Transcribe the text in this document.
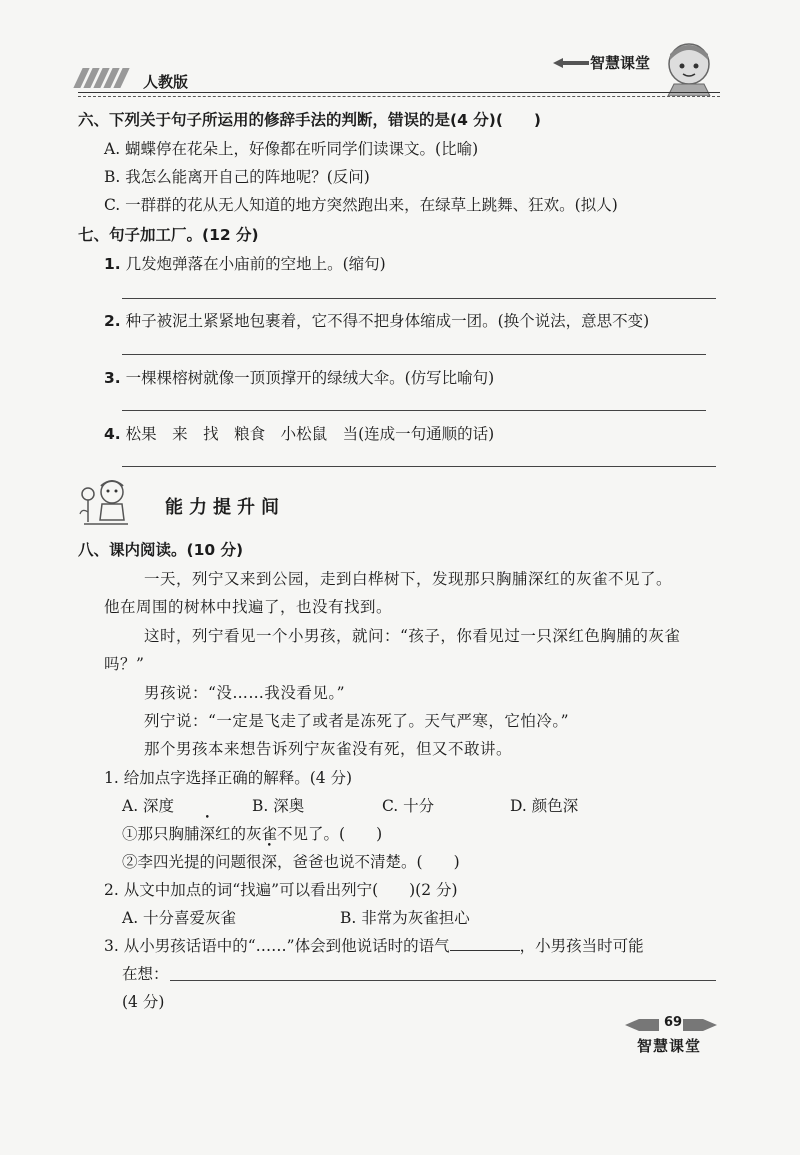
人教版
智慧课堂
六、下列关于句子所运用的修辞手法的判断，错误的是(4 分)(　　)
A. 蝴蝶停在花朵上，好像都在听同学们读课文。(比喻)
B. 我怎么能离开自己的阵地呢？(反问)
C. 一群群的花从无人知道的地方突然跑出来，在绿草上跳舞、狂欢。(拟人)
七、句子加工厂。(12 分)
1. 几发炮弹落在小庙前的空地上。(缩句)
2. 种子被泥土紧紧地包裹着，它不得不把身体缩成一团。(换个说法，意思不变)
3. 一棵棵榕树就像一顶顶撑开的绿绒大伞。(仿写比喻句)
4. 松果　来　找　粮食　小松鼠　当(连成一句通顺的话)
能力提升间
八、课内阅读。(10 分)
一天，列宁又来到公园，走到白桦树下，发现那只胸脯深红的灰雀不见了。
他在周围的树林中找遍了，也没有找到。
这时，列宁看见一个小男孩，就问：“孩子，你看见过一只深红色胸脯的灰雀
吗？”
男孩说：“没……我没看见。”
列宁说：“一定是飞走了或者是冻死了。天气严寒，它怕冷。”
那个男孩本来想告诉列宁灰雀没有死，但又不敢讲。
1. 给加点字选择正确的解释。(4 分)
A. 深度	B. 深奥	C. 十分	D. 颜色深
①那只胸脯深红的灰雀不见了。(　　)
②李四光提的问题很深，爸爸也说不清楚。(　　)
2. 从文中加点的词“找遍”可以看出列宁(　　)(2 分)
A. 十分喜爱灰雀	B. 非常为灰雀担心
3. 从小男孩话语中的“……”体会到他说话时的语气	，小男孩当时可能
在想：
(4 分)
69
智慧课堂
